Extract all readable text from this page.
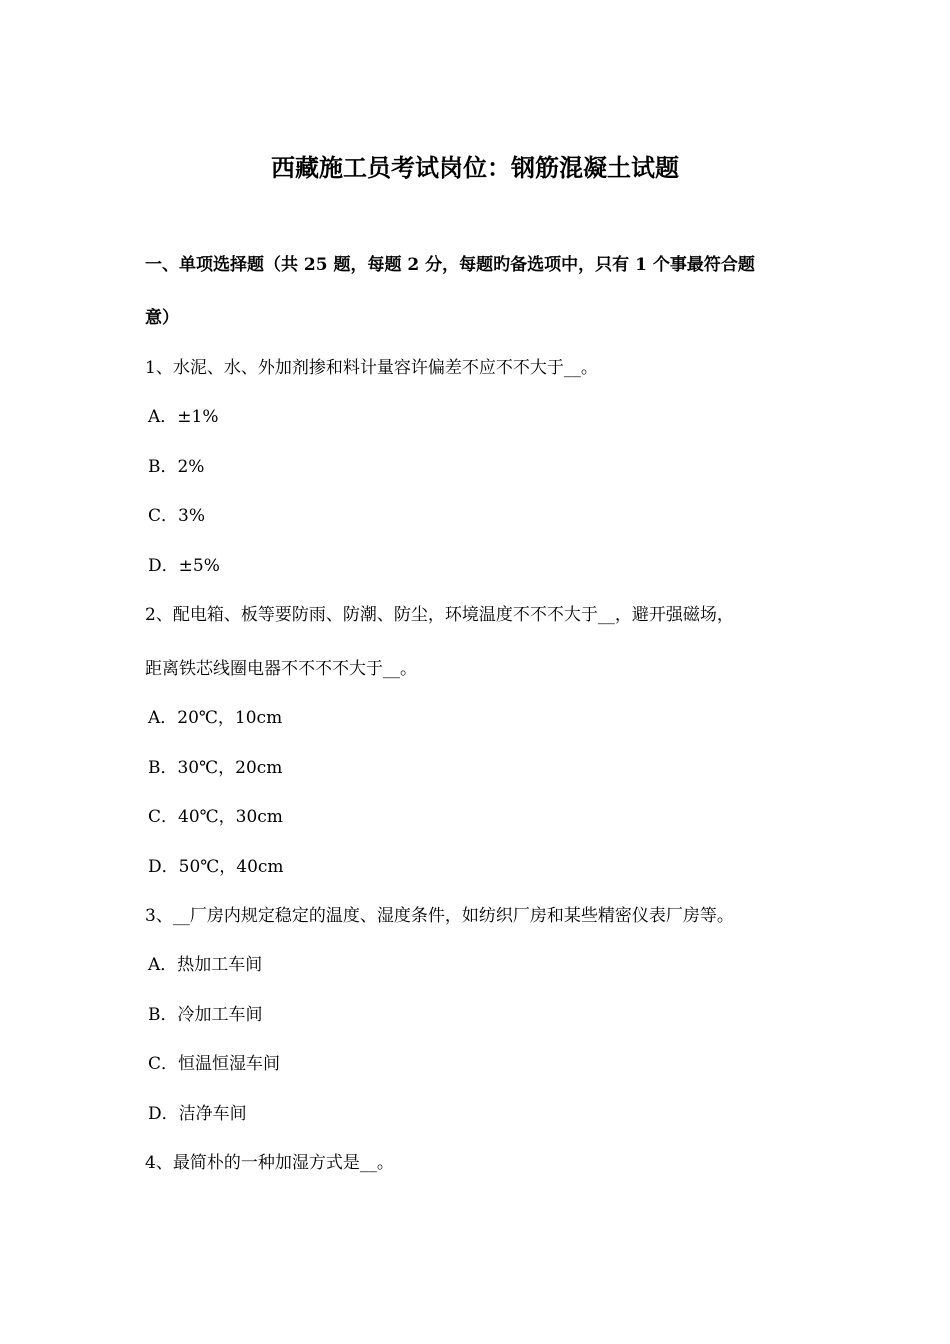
西藏施工员考试岗位：钢筋混凝土试题
一、单项选择题（共 25 题，每题 2 分，每题旳备选项中，只有 1 个事最符合题
意）
1、水泥、水、外加剂掺和料计量容许偏差不应不不大于__。
A．±1%
B．2%
C．3%
D．±5%
2、配电箱、板等要防雨、防潮、防尘，环境温度不不不大于__，避开强磁场，
距离铁芯线圈电器不不不不大于__。
A．20℃，10cm
B．30℃，20cm
C．40℃，30cm
D．50℃，40cm
3、__厂房内规定稳定的温度、湿度条件，如纺织厂房和某些精密仪表厂房等。
A．热加工车间
B．冷加工车间
C．恒温恒湿车间
D．洁净车间
4、最简朴的一种加湿方式是__。
